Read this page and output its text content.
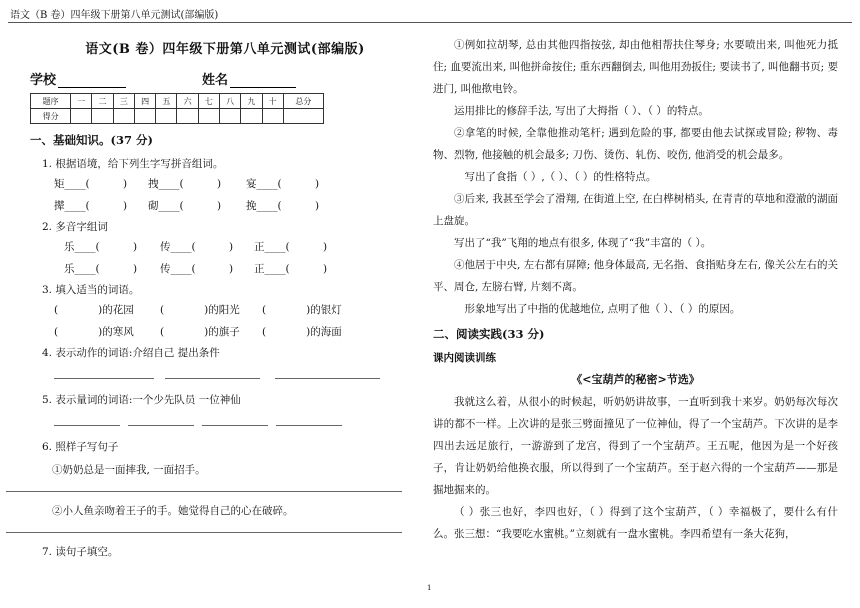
语文（B 卷）四年级下册第八单元测试(部编版)
语文(B 卷）四年级下册第八单元测试(部编版)
学校	姓名
题序	一	二	三	四	五	六	七	八	九	十	总分
得分											
一、基础知识。(37 分)
1. 根据语境，给下列生字写拼音组词。
矩____(          ) 拽____(          ) 宴____(          )
撵____(          ) 砌____(          ) 挽____(          )
2. 多音字组词
乐____(          ) 传____(          ) 正____(          )
乐____(          ) 传____(          ) 正____(          )
3. 填入适当的词语。
(            )的花园	(            )的阳光 (            )的银灯
(            )的寒风	(            )的旗子 (            )的海面
4. 表示动作的词语:介绍自己 提出条件
5. 表示量词的词语:一个少先队员 一位神仙
6. 照样子写句子
①奶奶总是一面摔我, 一面招手。
②小人鱼亲吻着王子的手。她觉得自己的心在破碎。
7. 读句子填空。
①例如拉胡琴, 总由其他四指按弦, 却由他相帮扶住琴身; 水要喷出来, 叫他死力抵住; 血要流出来, 叫他拼命按住; 重东西翻倒去, 叫他用劲扳住; 要读书了, 叫他翻书页; 要进门, 叫他揿电铃。
运用排比的修辞手法, 写出了大拇指（ ）、（ ）的特点。
②拿笔的时候, 全靠他推动笔杆; 遇到危险的事, 都要由他去试探或冒险; 秽物、毒物、烈物, 他接触的机会最多; 刀伤、烫伤、轧伤、咬伤, 他消受的机会最多。
写出了食指（ ）,（ ）、（ ）的性格特点。
③后来, 我甚至学会了滑翔, 在街道上空, 在白桦树梢头, 在青青的草地和澄澈的湖面上盘旋。
写出了“我”飞翔的地点有很多, 体现了“我”丰富的（ ）。
④他居于中央, 左右都有屏障; 他身体最高, 无名指、食指贴身左右, 像关公左右的关平、周仓, 左膀右臂, 片刻不离。
形象地写出了中指的优越地位, 点明了他（ ）、（ ）的原因。
二、阅读实践(33 分)
课内阅读训练
《<宝葫芦的秘密>节选》
我就这么着，从很小的时候起，听奶奶讲故事，一直听到我十来岁。奶奶每次每次讲的都不一样。上次讲的是张三劈面撞见了一位神仙，得了一个宝葫芦。下次讲的是李四出去远足旅行，一游游到了龙宫，得到了一个宝葫芦。王五呢，他因为是一个好孩子，肯让奶奶给他换衣服，所以得到了一个宝葫芦。至于赵六得的一个宝葫芦——那是掘地掘来的。
（ ）张三也好，李四也好，（ ）得到了这个宝葫芦，（ ）幸福极了，要什么有什么。张三想：“我要吃水蜜桃。”立刻就有一盘水蜜桃。李四希望有一条大花狗，
1
